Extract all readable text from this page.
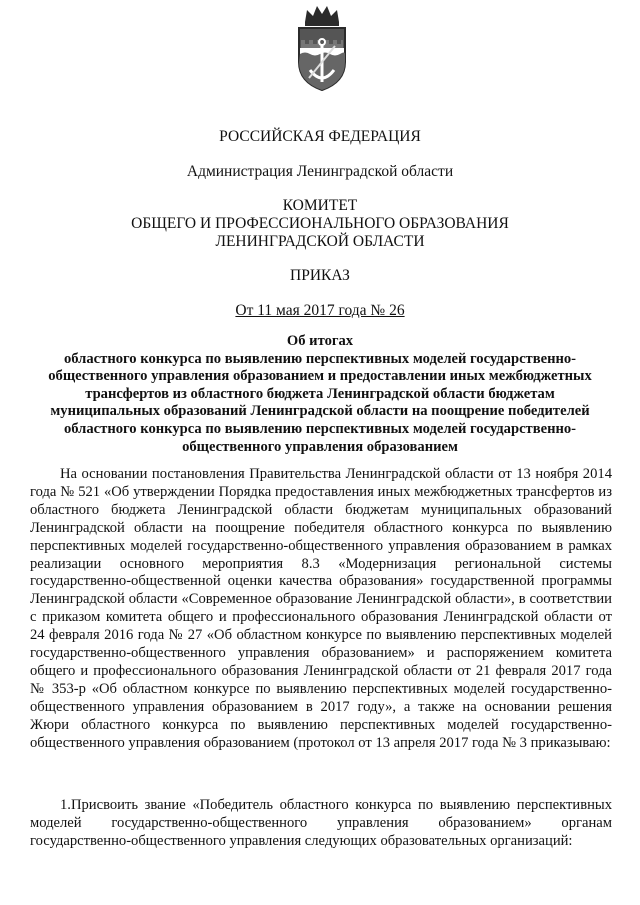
РОССИЙСКАЯ ФЕДЕРАЦИЯ

Администрация Ленинградской области

КОМИТЕТ
ОБЩЕГО И ПРОФЕССИОНАЛЬНОГО ОБРАЗОВАНИЯ
ЛЕНИНГРАДСКОЙ ОБЛАСТИ

ПРИКАЗ

От 11 мая 2017 года № 26

Об итогах
областного конкурса по выявлению перспективных моделей государственно-
общественного управления образованием и предоставлении иных межбюджетных
трансфертов из областного бюджета Ленинградской области бюджетам
муниципальных образований Ленинградской области на поощрение победителей
областного конкурса по выявлению перспективных моделей государственно-
общественного управления образованием

На основании постановления Правительства Ленинградской области от 13 ноября 2014 года № 521 «Об утверждении Порядка предоставления иных межбюджетных трансфертов из областного бюджета Ленинградской области бюджетам муниципальных образований Ленинградской области на поощрение победителя областного конкурса по выявлению перспективных моделей государственно-общественного управления образованием в рамках реализации основного мероприятия 8.3 «Модернизация региональной системы государственно-общественной оценки качества образования» государственной программы Ленинградской области «Современное образование Ленинградской области», в соответствии с приказом комитета общего и профессионального образования Ленинградской области от 24 февраля 2016 года № 27 «Об областном конкурсе по выявлению перспективных моделей государственно-общественного управления образованием» и распоряжением комитета общего и профессионального образования Ленинградской области от 21 февраля 2017 года № 353-р «Об областном конкурсе по выявлению перспективных моделей государственно-общественного управления образованием в 2017 году», а также на основании решения Жюри областного конкурса по выявлению перспективных моделей государственно-общественного управления образованием (протокол от 13 апреля 2017 года № 3 приказываю:

1.Присвоить звание «Победитель областного конкурса по выявлению перспективных моделей государственно-общественного управления образованием» органам государственно-общественного управления следующих образовательных организаций:
